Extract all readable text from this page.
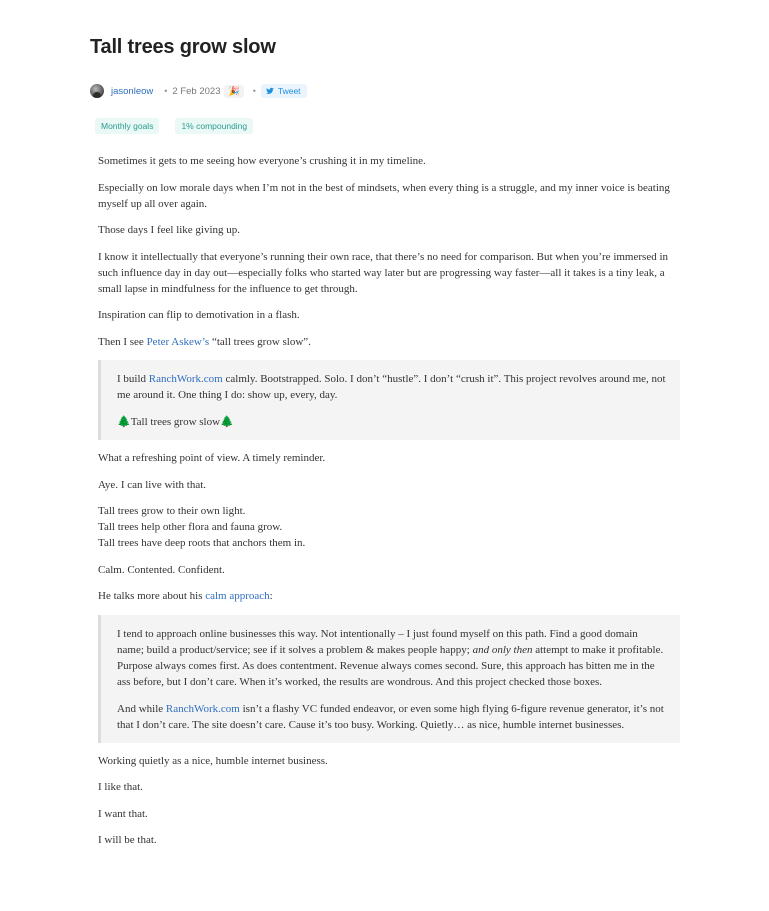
Tall trees grow slow
jasonleow • 2 Feb 2023 🎉	•	Tweet
Monthly goals	1% compounding

Sometimes it gets to me seeing how everyone’s crushing it in my timeline.

Especially on low morale days when I’m not in the best of mindsets, when every thing is a struggle, and my inner voice is beating myself up all over again.

Those days I feel like giving up.

I know it intellectually that everyone’s running their own race, that there’s no need for comparison. But when you’re immersed in such influence day in day out—especially folks who started way later but are progressing way faster—all it takes is a tiny leak, a small lapse in mindfulness for the influence to get through.

Inspiration can flip to demotivation in a flash.

Then I see Peter Askew’s “tall trees grow slow”.

I build RanchWork.com calmly. Bootstrapped. Solo. I don’t “hustle”. I don’t “crush it”. This project revolves around me, not me around it. One thing I do: show up, every, day.

🌲Tall trees grow slow🌲

What a refreshing point of view. A timely reminder.

Aye. I can live with that.

Tall trees grow to their own light.
Tall trees help other flora and fauna grow.
Tall trees have deep roots that anchors them in.

Calm. Contented. Confident.

He talks more about his calm approach:

I tend to approach online businesses this way. Not intentionally – I just found myself on this path. Find a good domain name; build a product/service; see if it solves a problem & makes people happy; and only then attempt to make it profitable. Purpose always comes first. As does contentment. Revenue always comes second. Sure, this approach has bitten me in the ass before, but I don’t care. When it’s worked, the results are wondrous. And this project checked those boxes.

And while RanchWork.com isn’t a flashy VC funded endeavor, or even some high flying 6-figure revenue generator, it’s not that I don’t care. The site doesn’t care. Cause it’s too busy. Working. Quietly… as nice, humble internet businesses.

Working quietly as a nice, humble internet business.

I like that.

I want that.

I will be that.
